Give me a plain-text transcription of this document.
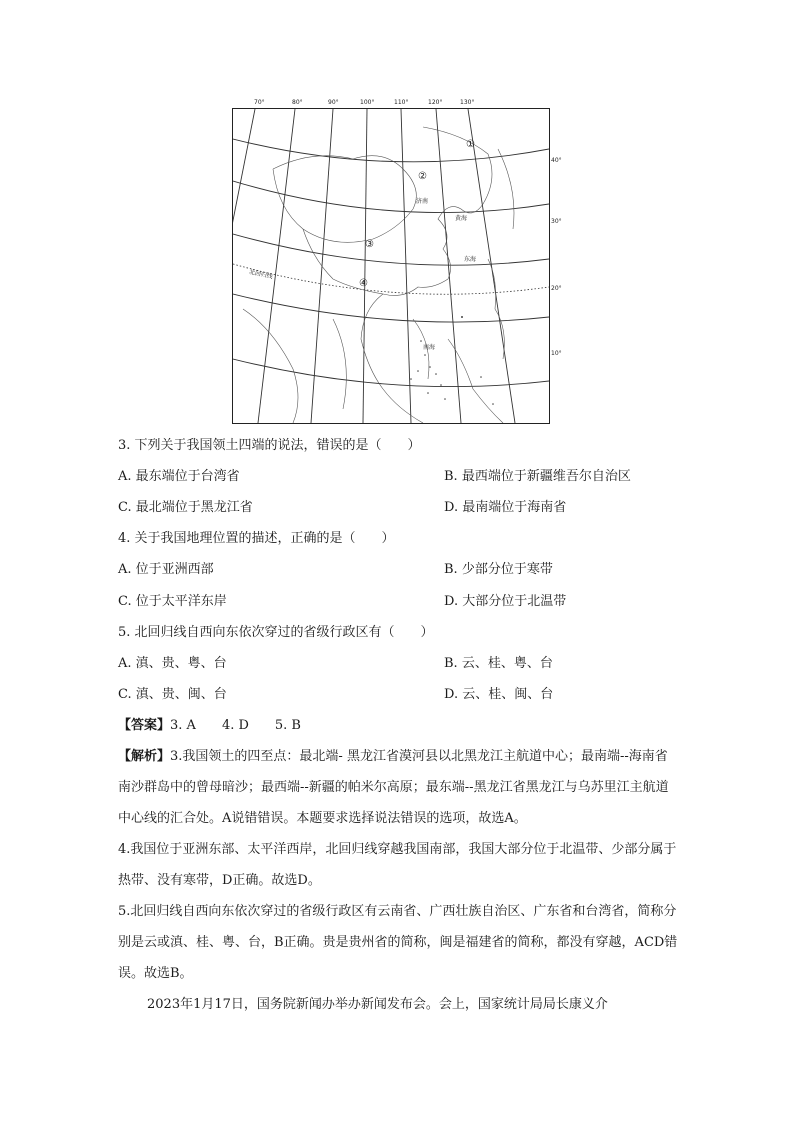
70°	80°	90°	100°	110°	120°	130°
40°
30°
20°
10°
①
②
③
④
济南
黄海
东海
南海
北回归线
3. 下列关于我国领土四端的说法，错误的是（　　）
A. 最东端位于台湾省	B. 最西端位于新疆维吾尔自治区
C. 最北端位于黑龙江省	D. 最南端位于海南省
4. 关于我国地理位置的描述，正确的是（　　）
A. 位于亚洲西部	B. 少部分位于寒带
C. 位于太平洋东岸	D. 大部分位于北温带
5. 北回归线自西向东依次穿过的省级行政区有（　　）
A. 滇、贵、粤、台	B. 云、桂、粤、台
C. 滇、贵、闽、台	D. 云、桂、闽、台
【答案】3. A　　4. D　　5. B

【解析】3.我国领土的四至点：最北端- 黑龙江省漠河县以北黑龙江主航道中心；最南端--海南省南沙群岛中的曾母暗沙；最西端--新疆的帕米尔高原；最东端--黑龙江省黑龙江与乌苏里江主航道中心线的汇合处。A说错错误。本题要求选择说法错误的选项，故选A。

4.我国位于亚洲东部、太平洋西岸，北回归线穿越我国南部，我国大部分位于北温带、少部分属于热带、没有寒带，D正确。故选D。

5.北回归线自西向东依次穿过的省级行政区有云南省、广西壮族自治区、广东省和台湾省，简称分别是云或滇、桂、粤、台，B正确。贵是贵州省的简称，闽是福建省的简称，都没有穿越，ACD错误。故选B。

2023年1月17日，国务院新闻办举办新闻发布会。会上，国家统计局局长康义介
